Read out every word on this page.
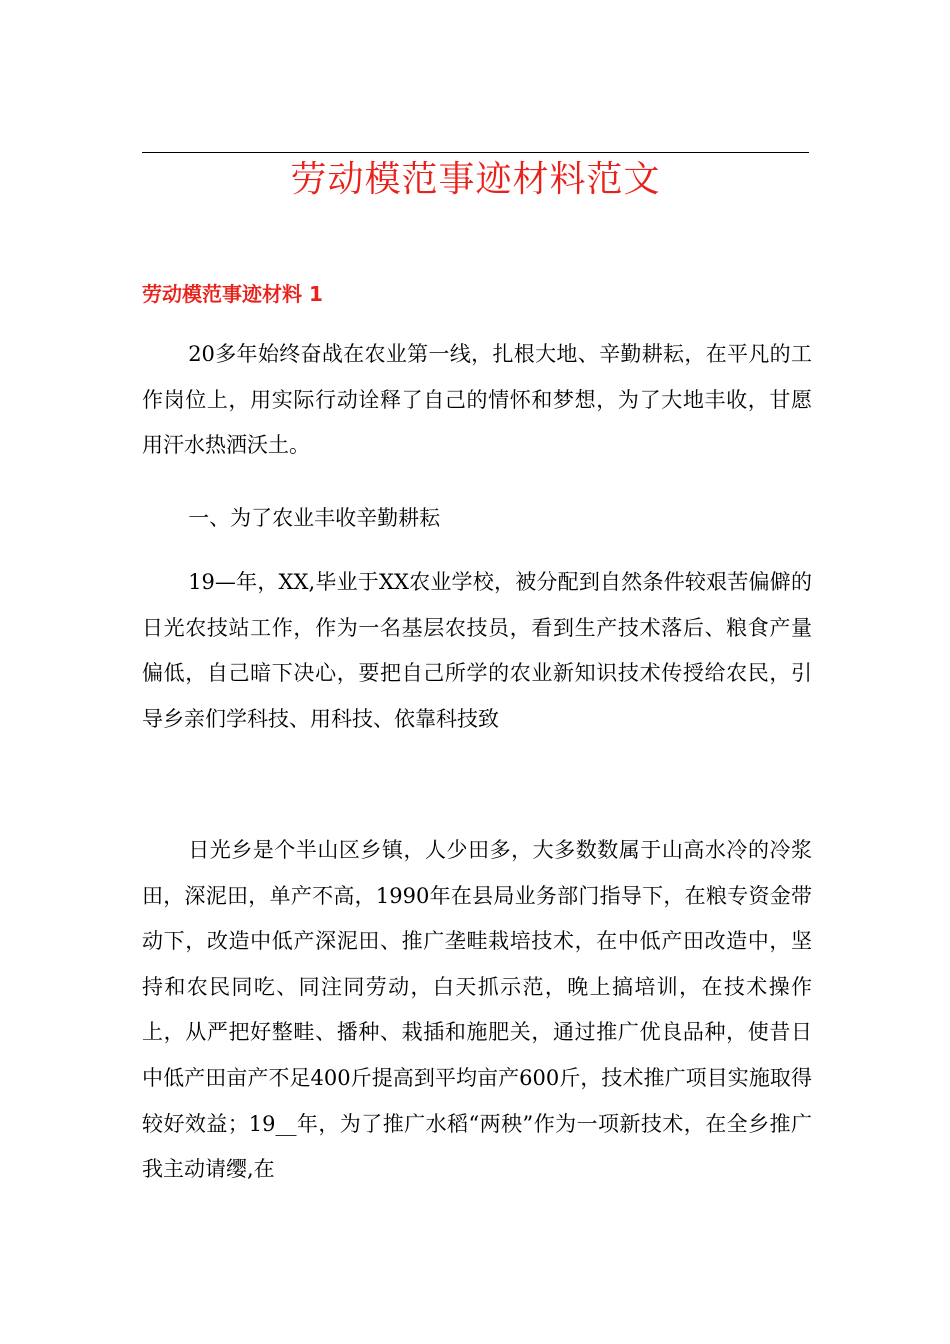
劳动模范事迹材料范文
劳动模范事迹材料 1

20多年始终奋战在农业第一线，扎根大地、辛勤耕耘，在平凡的工作岗位上，用实际行动诠释了自己的情怀和梦想，为了大地丰收，甘愿用汗水热洒沃土。

一、为了农业丰收辛勤耕耘

19—年，XX,毕业于XX农业学校，被分配到自然条件较艰苦偏僻的日光农技站工作，作为一名基层农技员，看到生产技术落后、粮食产量偏低，自己暗下决心，要把自己所学的农业新知识技术传授给农民，引导乡亲们学科技、用科技、依靠科技致

日光乡是个半山区乡镇，人少田多，大多数数属于山高水冷的冷浆田，深泥田，单产不高，1990年在县局业务部门指导下，在粮专资金带动下，改造中低产深泥田、推广垄畦栽培技术，在中低产田改造中，坚持和农民同吃、同注同劳动，白天抓示范，晚上搞培训，在技术操作上，从严把好整畦、播种、栽插和施肥关，通过推广优良品种，使昔日中低产田亩产不足400斤提高到平均亩产600斤，技术推广项目实施取得较好效益；19__年，为了推广水稻“两秧”作为一项新技术，在全乡推广我主动请缨,在
